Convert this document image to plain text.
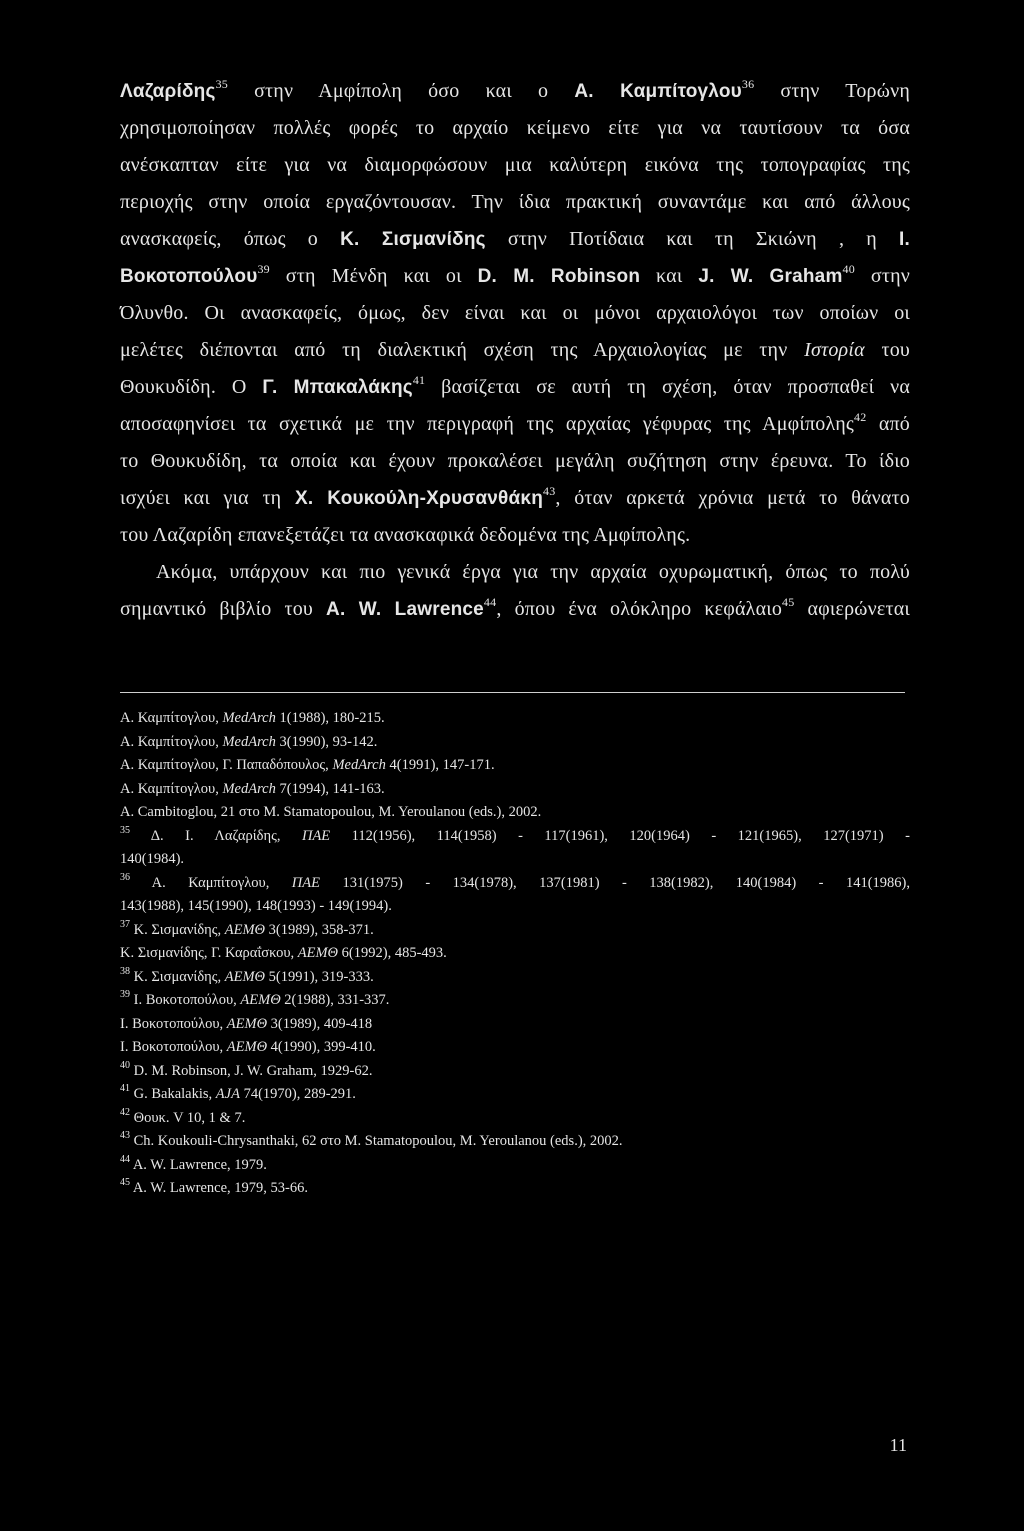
Λαζαρίδης$^{35}$ στην Αμφίπολη όσο και ο Α. Καμπίτογλου$^{36}$ στην Τορώνη
χρησιμοποίησαν πολλές φορές το αρχαίο κείμενο είτε για να ταυτίσουν τα όσα
ανέσκαπταν είτε για να διαμορφώσουν μια καλύτερη εικόνα της τοπογραφίας της
περιοχής στην οποία εργαζόντουσαν. Την ίδια πρακτική συναντάμε και από άλλους
ανασκαφείς, όπως ο Κ. Σισμανίδης στην Ποτίδαια και τη Σκιώνη , η Ι.
Βοκοτοπούλου$^{39}$ στη Μένδη και οι D. M. Robinson και J. W. Graham$^{40}$ στην
Όλυνθο. Οι ανασκαφείς, όμως, δεν είναι και οι μόνοι αρχαιολόγοι των οποίων οι
μελέτες διέπονται από τη διαλεκτική σχέση της Αρχαιολογίας με την Ιστορία του
Θουκυδίδη. Ο Γ. Μπακαλάκης$^{41}$ βασίζεται σε αυτή τη σχέση, όταν προσπαθεί να
αποσαφηνίσει τα σχετικά με την περιγραφή της αρχαίας γέφυρας της Αμφίπολης$^{42}$ από
το Θουκυδίδη, τα οποία και έχουν προκαλέσει μεγάλη συζήτηση στην έρευνα. Το ίδιο
ισχύει και για τη Χ. Κουκούλη-Χρυσανθάκη$^{43}$, όταν αρκετά χρόνια μετά το θάνατο
του Λαζαρίδη επανεξετάζει τα ανασκαφικά δεδομένα της Αμφίπολης.
Ακόμα, υπάρχουν και πιο γενικά έργα για την αρχαία οχυρωματική, όπως το πολύ
σημαντικό βιβλίο του A. W. Lawrence$^{44}$, όπου ένα ολόκληρο κεφάλαιο$^{45}$ αφιερώνεται
Α. Καμπίτογλου, MedArch 1(1988), 180-215.
Α. Καμπίτογλου, MedArch 3(1990), 93-142.
Α. Καμπίτογλου, Γ. Παπαδόπουλος, MedArch 4(1991), 147-171.
Α. Καμπίτογλου, MedArch 7(1994), 141-163.
A. Cambitoglou, 21 στο M. Stamatopoulou, M. Yeroulanou (eds.), 2002.
$^{35}$ Δ. Ι. Λαζαρίδης, ΠΑΕ 112(1956), 114(1958) - 117(1961), 120(1964) - 121(1965), 127(1971) -
140(1984).
$^{36}$ Α. Καμπίτογλου, ΠΑΕ 131(1975) - 134(1978), 137(1981) - 138(1982), 140(1984) - 141(1986),
143(1988), 145(1990), 148(1993) - 149(1994).
$^{37}$ Κ. Σισμανίδης, ΑΕΜΘ 3(1989), 358-371.
Κ. Σισμανίδης, Γ. Καραΐσκου, ΑΕΜΘ 6(1992), 485-493.
$^{38}$ Κ. Σισμανίδης, ΑΕΜΘ 5(1991), 319-333.
$^{39}$ Ι. Βοκοτοπούλου, ΑΕΜΘ 2(1988), 331-337.
Ι. Βοκοτοπούλου, ΑΕΜΘ 3(1989), 409-418
Ι. Βοκοτοπούλου, ΑΕΜΘ 4(1990), 399-410.
$^{40}$ D. M. Robinson, J. W. Graham, 1929-62.
$^{41}$ G. Bakalakis, AJA 74(1970), 289-291.
$^{42}$ Θουκ. V 10, 1 & 7.
$^{43}$ Ch. Koukouli-Chrysanthaki, 62 στο M. Stamatopoulou, M. Yeroulanou (eds.), 2002.
$^{44}$ A. W. Lawrence, 1979.
$^{45}$ A. W. Lawrence, 1979, 53-66.
11
